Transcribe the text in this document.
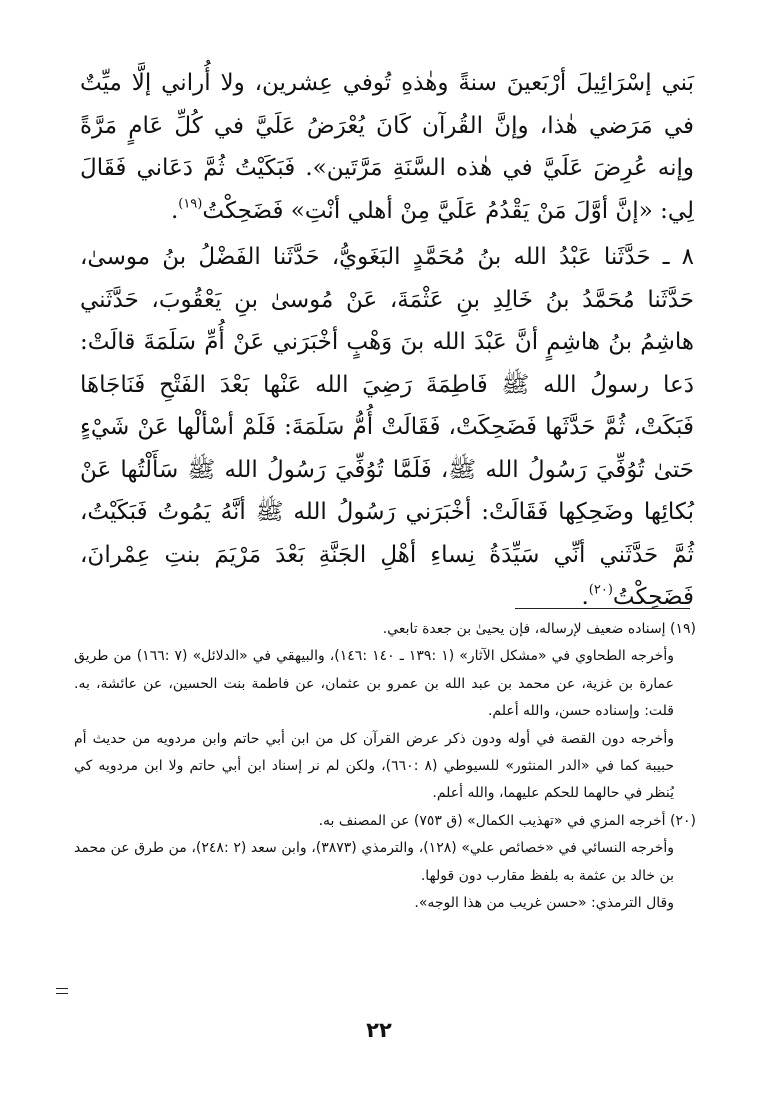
بَني إسْرَائِيلَ أرْبَعينَ سنةً وهٰذهِ تُوفي عِشرين، ولا أُراني إلَّا ميِّتٌ في مَرَضي هٰذا، وإنَّ القُرآن كَانَ يُعْرَضُ عَلَيَّ في كُلِّ عَامٍ مَرَّةً وإنه عُرِضَ عَلَيَّ في هٰذه السَّنَةِ مَرَّتَين». فَبَكَيْتُ ثُمَّ دَعَاني فَقَالَ لِي: «إنَّ أوَّلَ مَنْ يَقْدُمُ عَلَيَّ مِنْ أهلي أنْتِ» فَضَحِكْتُ$^{(١٩)}$.

٨ ـ حَدَّثَنا عَبْدُ الله بنُ مُحَمَّدٍ البَغَويُّ، حَدَّثَنا الفَضْلُ بنُ موسىٰ، حَدَّثَنا مُحَمَّدُ بنُ خَالِدِ بنِ عَثْمَةَ، عَنْ مُوسىٰ بنِ يَعْقُوبَ، حَدَّثَني هاشِمُ بنُ هاشِمٍ أنَّ عَبْدَ الله بنَ وَهْبٍ أخْبَرَني عَنْ أُمِّ سَلَمَةَ قالَتْ: دَعا رسولُ الله ﷺ فَاطِمَةَ رَضِيَ الله عَنْها بَعْدَ الفَتْحِ فَنَاجَاهَا فَبَكَتْ، ثُمَّ حَدَّثَها فَضَحِكَتْ، فَقَالَتْ أُمُّ سَلَمَةَ: فَلَمْ أسْألْها عَنْ شَيْءٍ حَتىٰ تُوُفِّيَ رَسُولُ الله ﷺ، فَلَمَّا تُوُفِّيَ رَسُولُ الله ﷺ سَأَلْتُها عَنْ بُكائِها وضَحِكِها فَقَالَتْ: أخْبَرَني رَسُولُ الله ﷺ أنَّهُ يَمُوتُ فَبَكَيْتُ، ثُمَّ حَدَّثَني أنِّي سَيِّدَةُ نِساءِ أهْلِ الجَنَّةِ بَعْدَ مَرْيَمَ بنتِ عِمْرانَ، فَضَحِكْتُ$^{(٢٠)}$.

(١٩) إسناده ضعيف لإرساله، فإن يحيىٰ بن جعدة تابعي.

وأخرجه الطحاوي في «مشكل الآثار» (١ :١٣٩ ـ ١٤٠ :١٤٦)، والبيهقي في «الدلائل» (٧ :١٦٦) من طريق عمارة بن غزية، عن محمد بن عبد الله بن عمرو بن عثمان، عن فاطمة بنت الحسين، عن عائشة، به. قلت: وإسناده حسن، والله أعلم.

وأخرجه دون القصة في أوله ودون ذكر عرض القرآن كل من ابن أبي حاتم وابن مردويه من حديث أم حبيبة كما في «الدر المنثور» للسيوطي (٨ :٦٦٠)، ولكن لم نر إسناد ابن أبي حاتم ولا ابن مردويه كي يُنظر في حالهما للحكم عليهما، والله أعلم.

(٢٠) أخرجه المزي في «تهذيب الكمال» (ق ٧٥٣) عن المصنف به.

وأخرجه النسائي في «خصائص علي» (١٢٨)، والترمذي (٣٨٧٣)، وابن سعد (٢ :٢٤٨)، من طرق عن محمد بن خالد بن عثمة به بلفظ مقارب دون قولها.

وقال الترمذي: «حسن غريب من هذا الوجه».

٢٢
